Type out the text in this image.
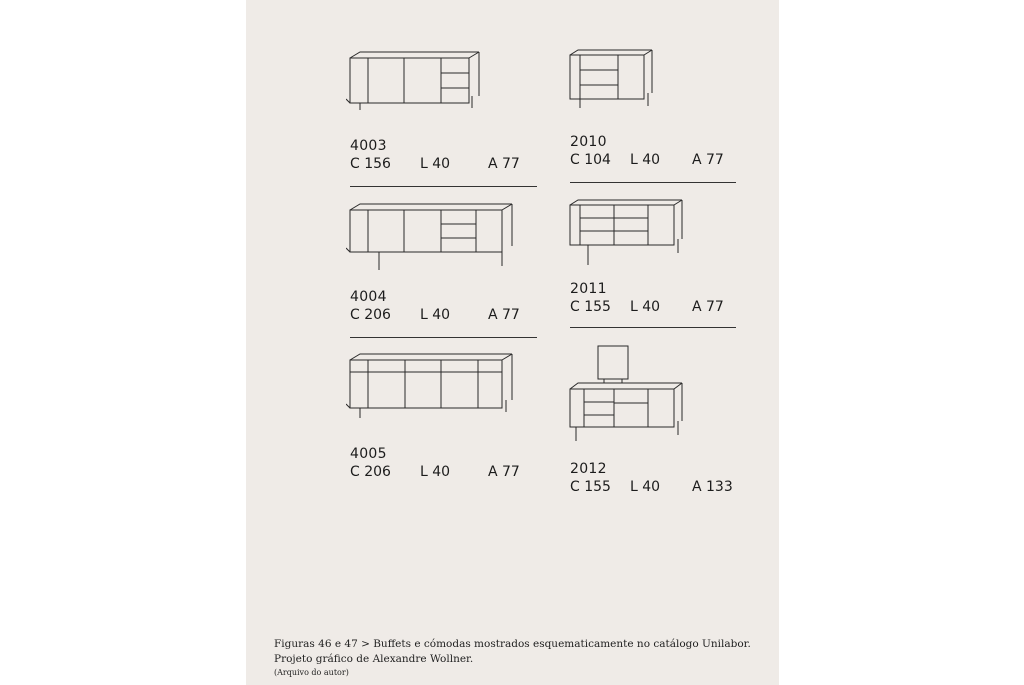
4003
C 156 L 40	A 77
2010
C 104 L 40 A 77
4004
C 206 L 40	A 77
2011
C 155 L 40 A 77
4005
C 206 L 40	A 77	2012
C 155 L 40 A 133
Figuras 46 e 47 > Buffets e cómodas mostrados esquematicamente no catálogo Unilabor.
Projeto gráfico de Alexandre Wollner.
(Arquivo do autor)
